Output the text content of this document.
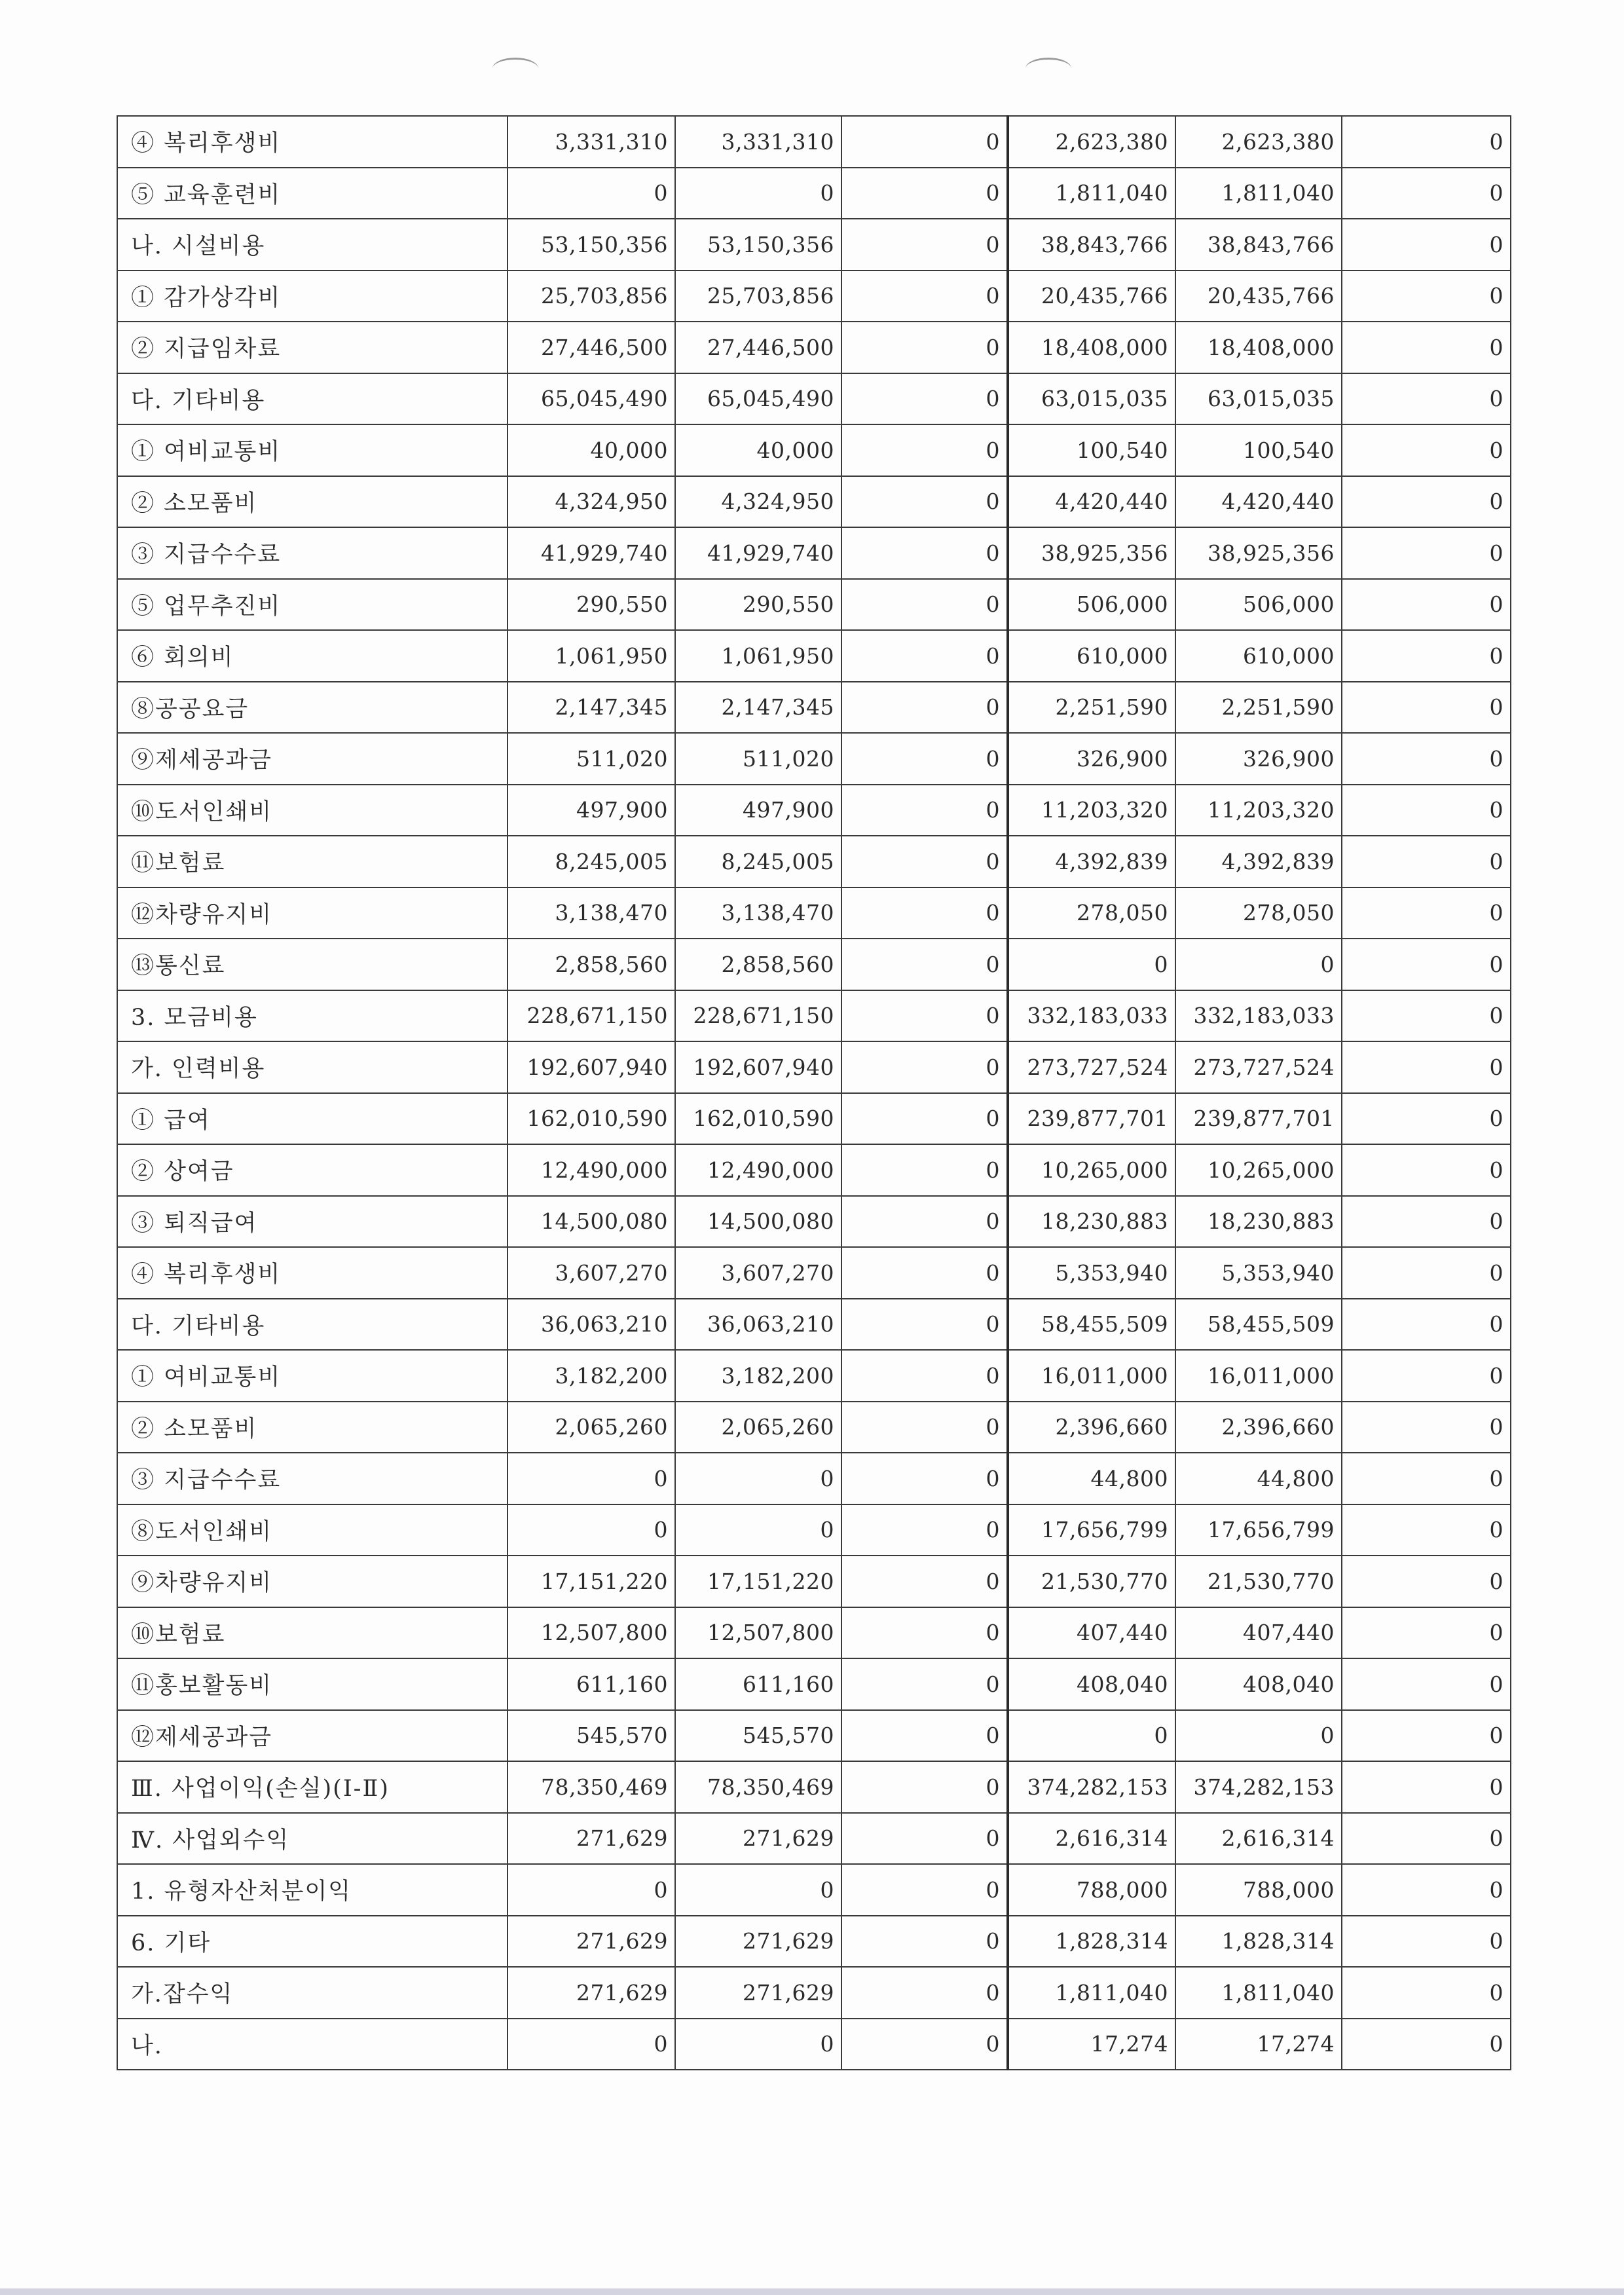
④ 복리후생비	3,331,310	3,331,310	0	2,623,380	2,623,380	0
⑤ 교육훈련비	0	0	0	1,811,040	1,811,040	0
나. 시설비용	53,150,356	53,150,356	0	38,843,766	38,843,766	0
① 감가상각비	25,703,856	25,703,856	0	20,435,766	20,435,766	0
② 지급임차료	27,446,500	27,446,500	0	18,408,000	18,408,000	0
다. 기타비용	65,045,490	65,045,490	0	63,015,035	63,015,035	0
① 여비교통비	40,000	40,000	0	100,540	100,540	0
② 소모품비	4,324,950	4,324,950	0	4,420,440	4,420,440	0
③ 지급수수료	41,929,740	41,929,740	0	38,925,356	38,925,356	0
⑤ 업무추진비	290,550	290,550	0	506,000	506,000	0
⑥ 회의비	1,061,950	1,061,950	0	610,000	610,000	0
⑧공공요금	2,147,345	2,147,345	0	2,251,590	2,251,590	0
⑨제세공과금	511,020	511,020	0	326,900	326,900	0
⑩도서인쇄비	497,900	497,900	0	11,203,320	11,203,320	0
⑪보험료	8,245,005	8,245,005	0	4,392,839	4,392,839	0
⑫차량유지비	3,138,470	3,138,470	0	278,050	278,050	0
⑬통신료	2,858,560	2,858,560	0	0	0	0
3. 모금비용	228,671,150	228,671,150	0	332,183,033	332,183,033	0
가. 인력비용	192,607,940	192,607,940	0	273,727,524	273,727,524	0
① 급여	162,010,590	162,010,590	0	239,877,701	239,877,701	0
② 상여금	12,490,000	12,490,000	0	10,265,000	10,265,000	0
③ 퇴직급여	14,500,080	14,500,080	0	18,230,883	18,230,883	0
④ 복리후생비	3,607,270	3,607,270	0	5,353,940	5,353,940	0
다. 기타비용	36,063,210	36,063,210	0	58,455,509	58,455,509	0
① 여비교통비	3,182,200	3,182,200	0	16,011,000	16,011,000	0
② 소모품비	2,065,260	2,065,260	0	2,396,660	2,396,660	0
③ 지급수수료	0	0	0	44,800	44,800	0
⑧도서인쇄비	0	0	0	17,656,799	17,656,799	0
⑨차량유지비	17,151,220	17,151,220	0	21,530,770	21,530,770	0
⑩보험료	12,507,800	12,507,800	0	407,440	407,440	0
⑪홍보활동비	611,160	611,160	0	408,040	408,040	0
⑫제세공과금	545,570	545,570	0	0	0	0
Ⅲ. 사업이익(손실)(Ⅰ-Ⅱ)	78,350,469	78,350,469	0	374,282,153	374,282,153	0
Ⅳ. 사업외수익	271,629	271,629	0	2,616,314	2,616,314	0
1. 유형자산처분이익	0	0	0	788,000	788,000	0
6. 기타	271,629	271,629	0	1,828,314	1,828,314	0
가.잡수익	271,629	271,629	0	1,811,040	1,811,040	0
나.	0	0	0	17,274	17,274	0
